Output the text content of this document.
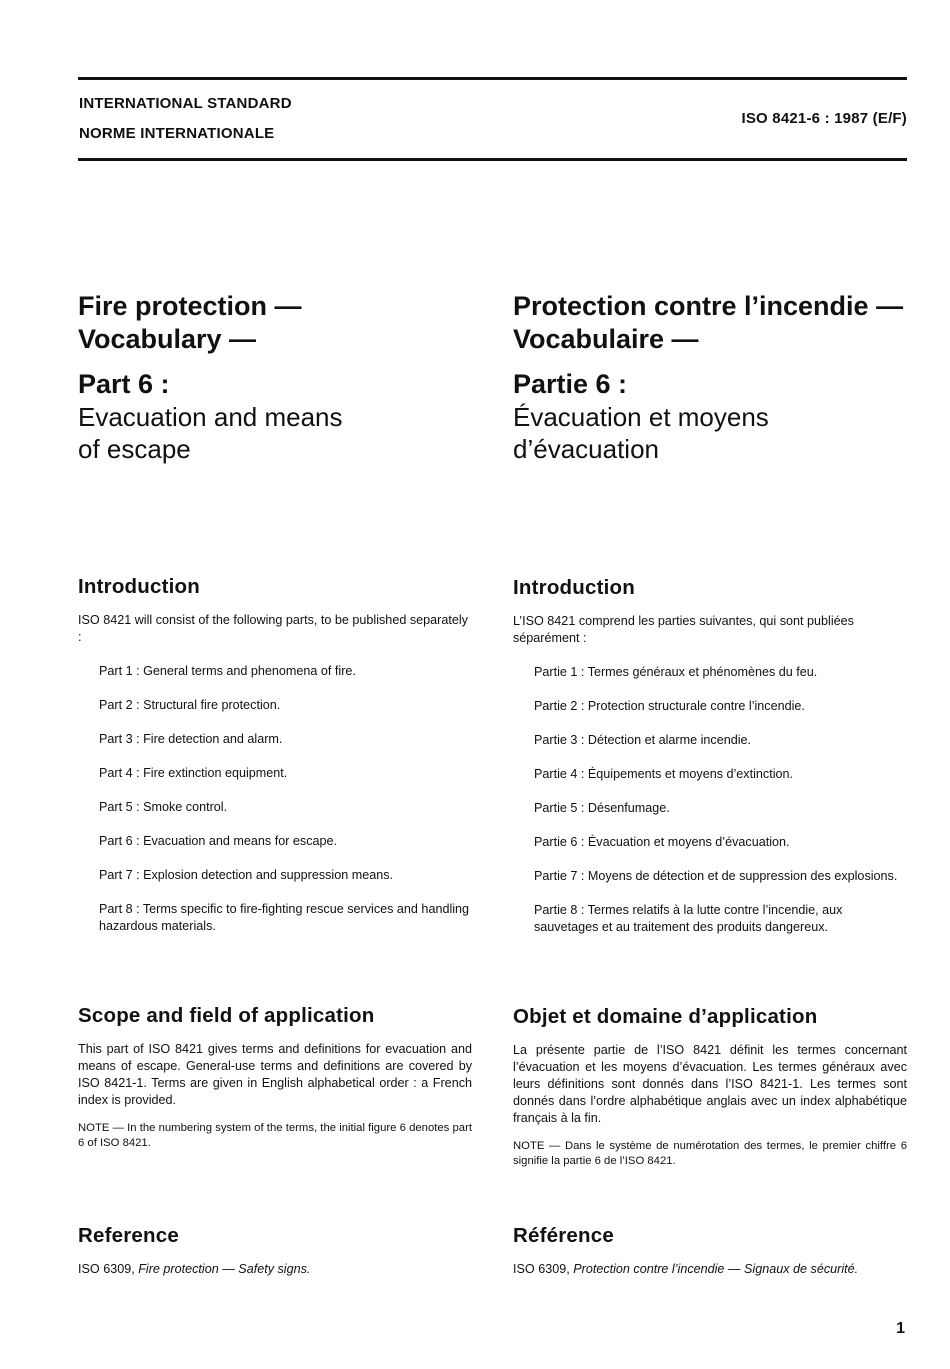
INTERNATIONAL STANDARD
NORME INTERNATIONALE
ISO 8421-6 : 1987 (E/F)
Fire protection —
Vocabulary —
Part 6 :
Evacuation and means
of escape
Protection contre l’incendie —
Vocabulaire —
Partie 6 :
Évacuation et moyens
d’évacuation
Introduction

ISO 8421 will consist of the following parts, to be published separately :

Part 1 : General terms and phenomena of fire.
Part 2 : Structural fire protection.
Part 3 : Fire detection and alarm.
Part 4 : Fire extinction equipment.
Part 5 : Smoke control.
Part 6 : Evacuation and means for escape.
Part 7 : Explosion detection and suppression means.
Part 8 : Terms specific to fire-fighting rescue services and handling hazardous materials.
Introduction

L’ISO 8421 comprend les parties suivantes, qui sont publiées séparément :

Partie 1 : Termes généraux et phénomènes du feu.
Partie 2 : Protection structurale contre l’incendie.
Partie 3 : Détection et alarme incendie.
Partie 4 : Équipements et moyens d’extinction.
Partie 5 : Désenfumage.
Partie 6 : Évacuation et moyens d’évacuation.
Partie 7 : Moyens de détection et de suppression des explosions.
Partie 8 : Termes relatifs à la lutte contre l’incendie, aux sauvetages et au traitement des produits dangereux.
Scope and field of application

This part of ISO 8421 gives terms and definitions for evacuation and means of escape. General-use terms and definitions are covered by ISO 8421-1. Terms are given in English alphabetical order : a French index is provided.

NOTE — In the numbering system of the terms, the initial figure 6 denotes part 6 of ISO 8421.

Objet et domaine d’application

La présente partie de l’ISO 8421 définit les termes concernant l’évacuation et les moyens d’évacuation. Les termes généraux avec leurs définitions sont donnés dans l’ISO 8421-1. Les termes sont donnés dans l’ordre alphabétique anglais avec un index alphabétique français à la fin.

NOTE — Dans le système de numérotation des termes, le premier chiffre 6 signifie la partie 6 de l’ISO 8421.

Reference

ISO 6309, Fire protection — Safety signs.

Référence

ISO 6309, Protection contre l’incendie — Signaux de sécurité.

1
